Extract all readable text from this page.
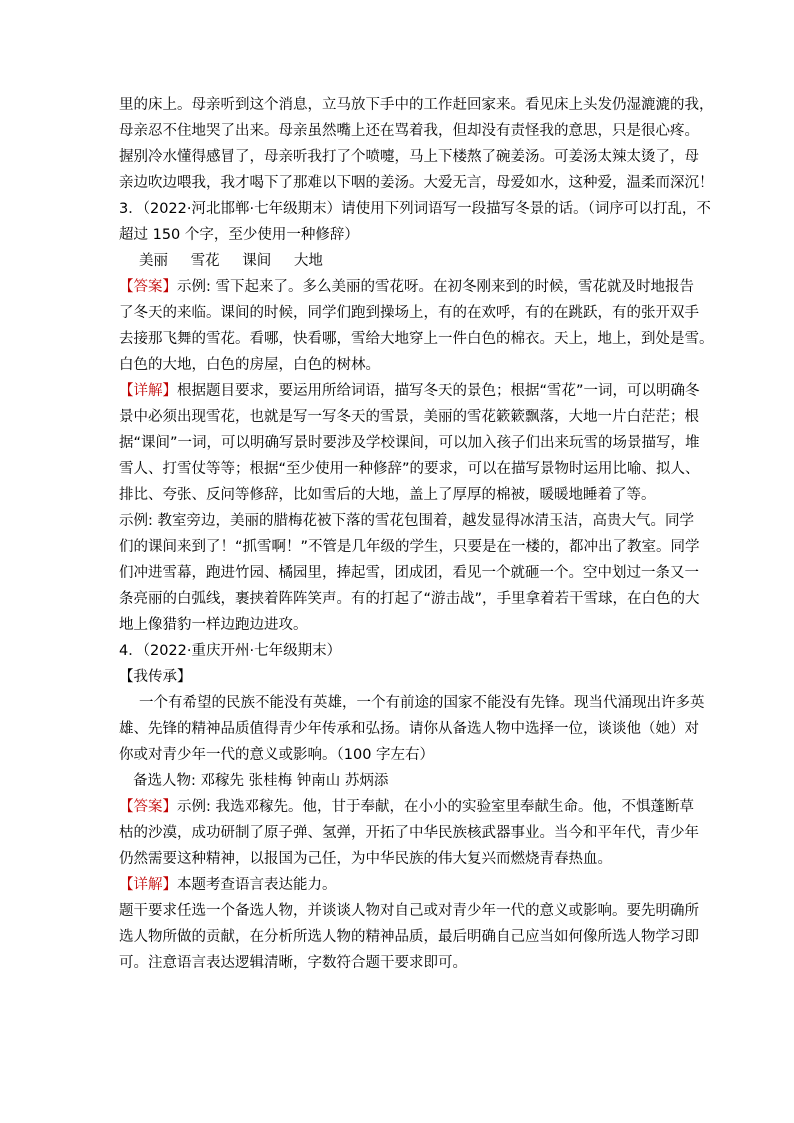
里的床上。母亲听到这个消息，立马放下手中的工作赶回家来。看见床上头发仍湿漉漉的我，
母亲忍不住地哭了出来。母亲虽然嘴上还在骂着我，但却没有责怪我的意思，只是很心疼。
握别冷水懂得感冒了，母亲听我打了个喷嚏，马上下楼熬了碗姜汤。可姜汤太辣太烫了，母
亲边吹边喂我，我才喝下了那难以下咽的姜汤。大爱无言，母爱如水，这种爱，温柔而深沉！
3．（2022·河北邯郸·七年级期末）请使用下列词语写一段描写冬景的话。（词序可以打乱，不
超过 150 个字，至少使用一种修辞）
美丽 雪花 课间 大地
【答案】示例: 雪下起来了。多么美丽的雪花呀。在初冬刚来到的时候，雪花就及时地报告
了冬天的来临。课间的时候，同学们跑到操场上，有的在欢呼，有的在跳跃，有的张开双手
去接那飞舞的雪花。看哪，快看哪，雪给大地穿上一件白色的棉衣。天上，地上，到处是雪。
白色的大地，白色的房屋，白色的树林。
【详解】根据题目要求，要运用所给词语，描写冬天的景色；根据“雪花”一词，可以明确冬
景中必须出现雪花，也就是写一写冬天的雪景，美丽的雪花簌簌飘落，大地一片白茫茫；根
据“课间”一词，可以明确写景时要涉及学校课间，可以加入孩子们出来玩雪的场景描写，堆
雪人、打雪仗等等；根据“至少使用一种修辞”的要求，可以在描写景物时运用比喻、拟人、
排比、夸张、反问等修辞，比如雪后的大地，盖上了厚厚的棉被，暖暖地睡着了等。
示例: 教室旁边，美丽的腊梅花被下落的雪花包围着，越发显得冰清玉洁，高贵大气。同学
们的课间来到了！“抓雪啊！”不管是几年级的学生，只要是在一楼的，都冲出了教室。同学
们冲进雪幕，跑进竹园、橘园里，捧起雪，团成团，看见一个就砸一个。空中划过一条又一
条亮丽的白弧线，裹挟着阵阵笑声。有的打起了“游击战”，手里拿着若干雪球，在白色的大
地上像猎豹一样边跑边进攻。
4．（2022·重庆开州·七年级期末）
【我传承】
一个有希望的民族不能没有英雄，一个有前途的国家不能没有先锋。现当代涌现出许多英
雄、先锋的精神品质值得青少年传承和弘扬。请你从备选人物中选择一位，谈谈他（她）对
你或对青少年一代的意义或影响。（100 字左右）
备选人物: 邓稼先 张桂梅 钟南山 苏炳添
【答案】示例: 我选邓稼先。他，甘于奉献，在小小的实验室里奉献生命。他，不惧蓬断草
枯的沙漠，成功研制了原子弹、氢弹，开拓了中华民族核武器事业。当今和平年代，青少年
仍然需要这种精神，以报国为己任，为中华民族的伟大复兴而燃烧青春热血。
【详解】本题考查语言表达能力。
题干要求任选一个备选人物，并谈谈人物对自己或对青少年一代的意义或影响。要先明确所
选人物所做的贡献，在分析所选人物的精神品质，最后明确自己应当如何像所选人物学习即
可。注意语言表达逻辑清晰，字数符合题干要求即可。
